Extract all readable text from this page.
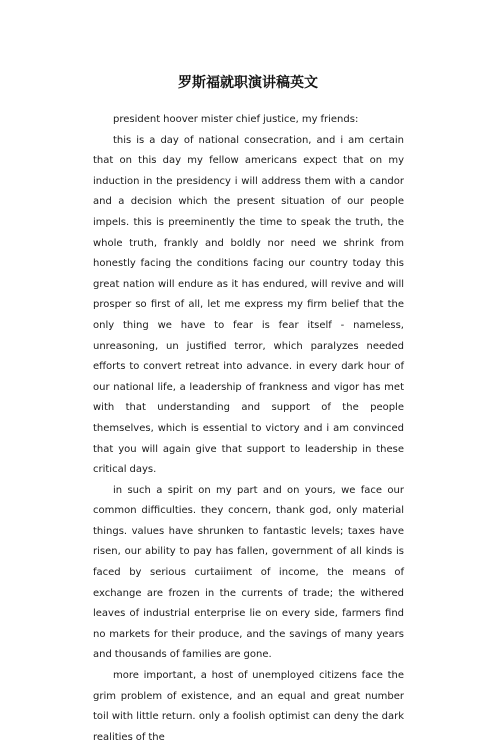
罗斯福就职演讲稿英文

president hoover mister chief justice, my friends:

this is a day of national consecration, and i am certain that on this day my fellow americans expect that on my induction in the presidency i will address them with a candor and a decision which the present situation of our people impels. this is preeminently the time to speak the truth, the whole truth, frankly and boldly nor need we shrink from honestly facing the conditions facing our country today this great nation will endure as it has endured, will revive and will prosper so first of all, let me express my firm belief that the only thing we have to fear is fear itself - nameless, unreasoning, un justified terror, which paralyzes needed efforts to convert retreat into advance. in every dark hour of our national life, a leadership of frankness and vigor has met with that understanding and support of the people themselves, which is essential to victory and i am convinced that you will again give that support to leadership in these critical days.

in such a spirit on my part and on yours, we face our common difficulties. they concern, thank god, only material things. values have shrunken to fantastic levels; taxes have risen, our ability to pay has fallen, government of all kinds is faced by serious curtaiiment of income, the means of exchange are frozen in the currents of trade; the withered leaves of industrial enterprise lie on every side, farmers find no markets for their produce, and the savings of many years and thousands of families are gone.

more important, a host of unemployed citizens face the grim problem of existence, and an equal and great number toil with little return. only a foolish optimist can deny the dark realities of the
